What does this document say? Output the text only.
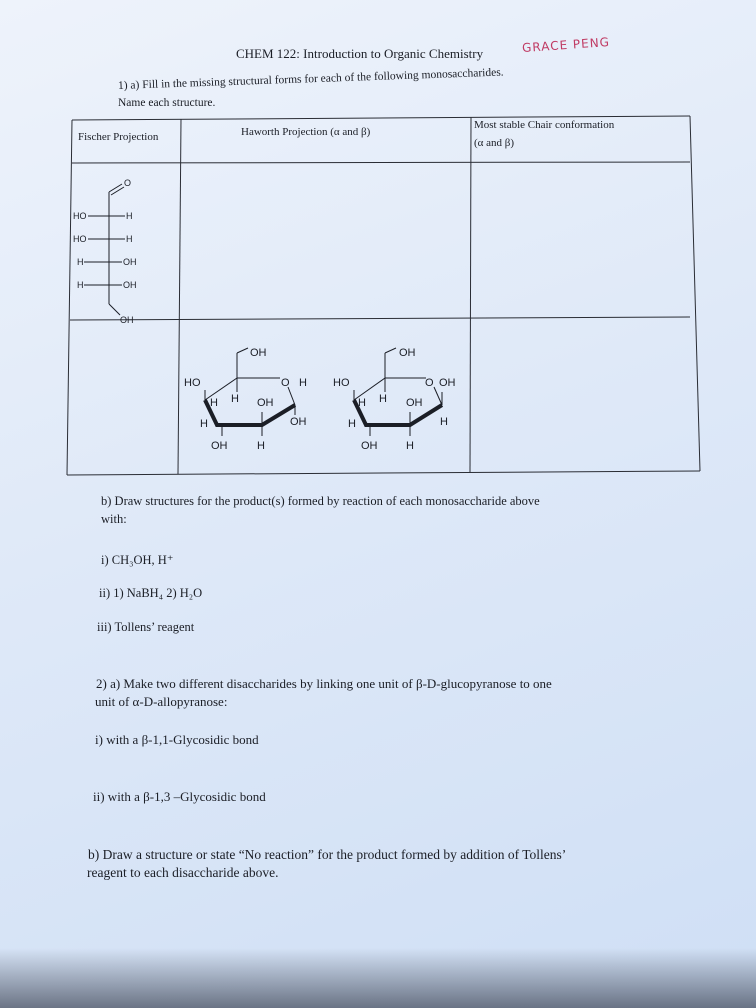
CHEM 122: Introduction to Organic Chemistry	GRACE PENG
1) a) Fill in the missing structural forms for each of the following monosaccharides.
Name each structure.
Fischer Projection	Haworth Projection (α and β)
Most stable Chair conformation
(α and β)
O
HO	H
HO	H
H	OH
H	OH
OH
OH
HO	O H
H H OH
H	OH
OH	H
OH
HO	O OH
H H OH
H	H
OH	H
b) Draw structures for the product(s) formed by reaction of each monosaccharide above
with:
i) CH₃OH, H⁺
ii) 1) NaBH₄ 2) H₂O
iii) Tollens’ reagent
2) a) Make two different disaccharides by linking one unit of β-D-glucopyranose to one
unit of α-D-allopyranose:
i) with a β-1,1-Glycosidic bond
ii) with a β-1,3 –Glycosidic bond
b) Draw a structure or state “No reaction” for the product formed by addition of Tollens’
reagent to each disaccharide above.
